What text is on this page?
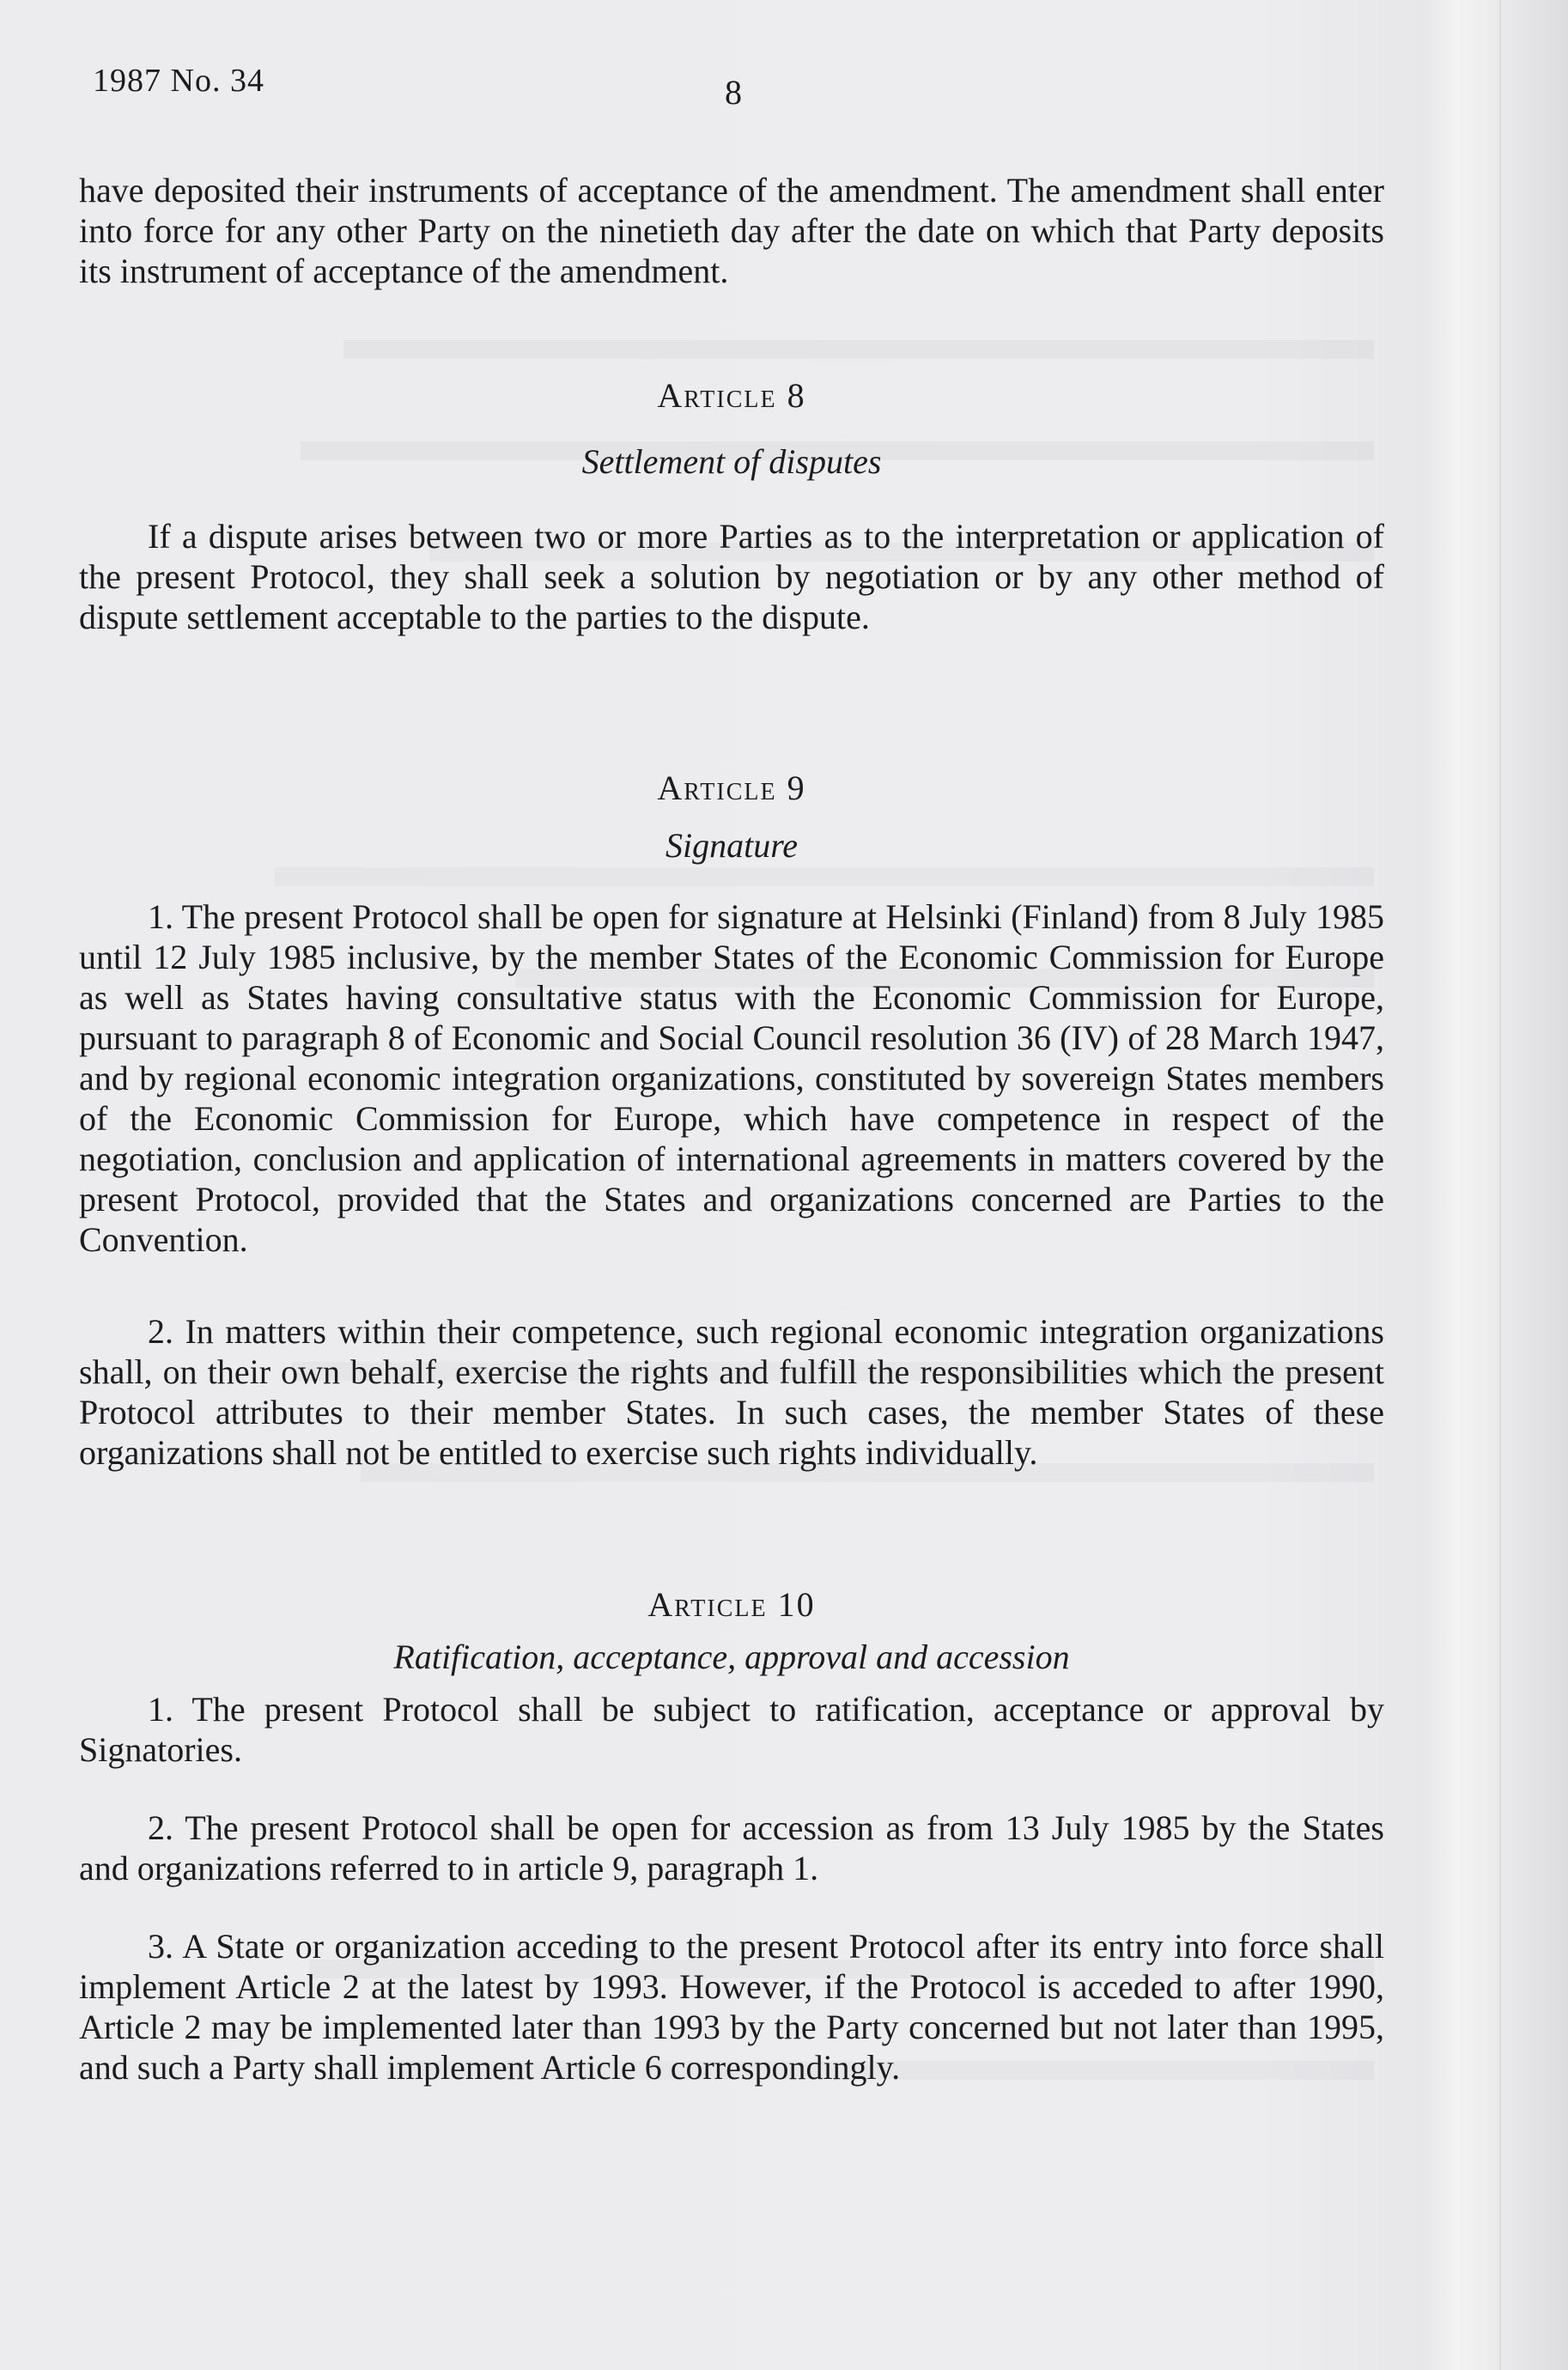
1987 No. 34	8

have deposited their instruments of acceptance of the amendment. The amendment shall enter into force for any other Party on the ninetieth day after the date on which that Party deposits its instrument of acceptance of the amendment.

Article 8

Settlement of disputes

If a dispute arises between two or more Parties as to the interpretation or application of the present Protocol, they shall seek a solution by negotiation or by any other method of dispute settlement acceptable to the parties to the dispute.

Article 9

Signature

1. The present Protocol shall be open for signature at Helsinki (Finland) from 8 July 1985 until 12 July 1985 inclusive, by the member States of the Economic Commission for Europe as well as States having consultative status with the Economic Commission for Europe, pursuant to paragraph 8 of Economic and Social Council resolution 36 (IV) of 28 March 1947, and by regional economic integration organizations, constituted by sovereign States members of the Economic Commission for Europe, which have competence in respect of the negotiation, conclusion and application of international agreements in matters covered by the present Protocol, provided that the States and organizations concerned are Parties to the Convention.

2. In matters within their competence, such regional economic integration organizations shall, on their own behalf, exercise the rights and fulfill the responsibilities which the present Protocol attributes to their member States. In such cases, the member States of these organizations shall not be entitled to exercise such rights individually.

Article 10

Ratification, acceptance, approval and accession

1. The present Protocol shall be subject to ratification, acceptance or approval by Signatories.

2. The present Protocol shall be open for accession as from 13 July 1985 by the States and organizations referred to in article 9, paragraph 1.

3. A State or organization acceding to the present Protocol after its entry into force shall implement Article 2 at the latest by 1993. However, if the Protocol is acceded to after 1990, Article 2 may be implemented later than 1993 by the Party concerned but not later than 1995, and such a Party shall implement Article 6 correspondingly.
